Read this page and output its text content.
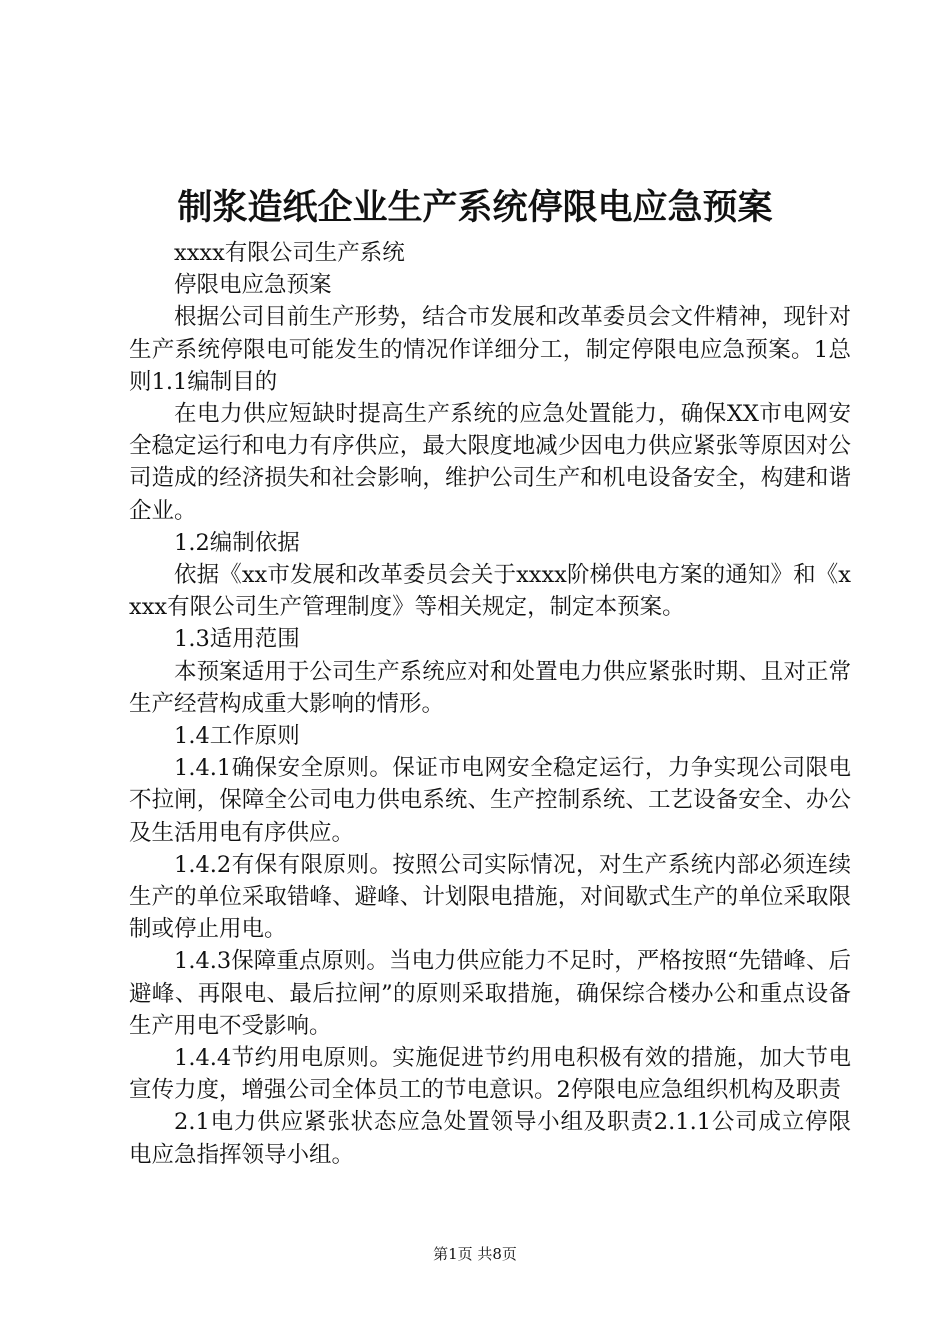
制浆造纸企业生产系统停限电应急预案

xxxx有限公司生产系统

停限电应急预案

根据公司目前生产形势，结合市发展和改革委员会文件精神，现针对生产系统停限电可能发生的情况作详细分工，制定停限电应急预案。1总则1.1编制目的

在电力供应短缺时提高生产系统的应急处置能力，确保XX市电网安全稳定运行和电力有序供应，最大限度地减少因电力供应紧张等原因对公司造成的经济损失和社会影响，维护公司生产和机电设备安全，构建和谐企业。

1.2编制依据

依据《xx市发展和改革委员会关于xxxx阶梯供电方案的通知》和《xxxx有限公司生产管理制度》等相关规定，制定本预案。

1.3适用范围

本预案适用于公司生产系统应对和处置电力供应紧张时期、且对正常生产经营构成重大影响的情形。

1.4工作原则

1.4.1确保安全原则。保证市电网安全稳定运行，力争实现公司限电不拉闸，保障全公司电力供电系统、生产控制系统、工艺设备安全、办公及生活用电有序供应。

1.4.2有保有限原则。按照公司实际情况，对生产系统内部必须连续生产的单位采取错峰、避峰、计划限电措施，对间歇式生产的单位采取限制或停止用电。

1.4.3保障重点原则。当电力供应能力不足时，严格按照“先错峰、后避峰、再限电、最后拉闸”的原则采取措施，确保综合楼办公和重点设备生产用电不受影响。

1.4.4节约用电原则。实施促进节约用电积极有效的措施，加大节电宣传力度，增强公司全体员工的节电意识。2停限电应急组织机构及职责

2.1电力供应紧张状态应急处置领导小组及职责2.1.1公司成立停限电应急指挥领导小组。

第1页 共8页
